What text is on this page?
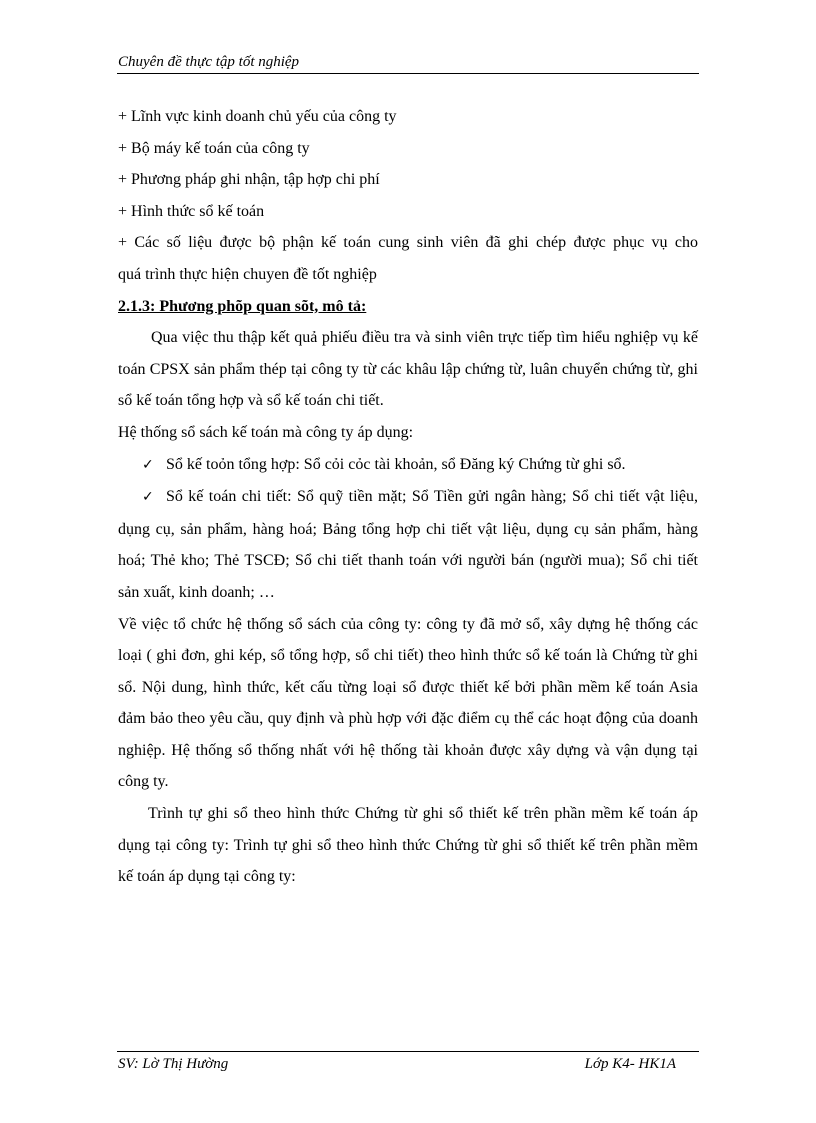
Chuyên đề thực tập tốt nghiệp
+ Lĩnh vực kinh doanh chủ yếu của công ty
+ Bộ máy kế toán của công ty
+ Phương pháp ghi nhận, tập hợp chi phí
+ Hình thức sổ kế toán
+ Các số liệu được bộ phận kế toán cung sinh viên đã ghi chép được phục vụ cho
quá trình thực hiện chuyen đề tốt nghiệp
2.1.3: Phương phõp quan sõt, mô tả:
Qua việc thu thập kết quả phiếu điều tra và sinh viên trực tiếp tìm hiểu nghiệp vụ kế toán CPSX sản phẩm thép tại công ty từ các khâu lập chứng từ, luân chuyển chứng từ, ghi sổ kế toán tổng hợp và sổ kế toán chi tiết.
Hệ thống sổ sách kế toán mà công ty áp dụng:
✓ Sổ kế toỏn tổng hợp: Sổ cỏi cỏc tài khoản, sổ Đăng ký Chứng từ ghi sổ.
✓ Sổ kế toán chi tiết: Sổ quỹ tiền mặt; Sổ Tiền gửi ngân hàng; Sổ chi tiết vật liệu, dụng cụ, sản phẩm, hàng hoá; Bảng tổng hợp chi tiết vật liệu, dụng cụ sản phẩm, hàng hoá; Thẻ kho; Thẻ TSCĐ; Sổ chi tiết thanh toán với người bán (người mua); Sổ chi tiết sản xuất, kinh doanh; …
Về việc tổ chức hệ thống sổ sách của công ty: công ty đã mở sổ, xây dựng hệ thống các loại ( ghi đơn, ghi kép, sổ tổng hợp, sổ chi tiết) theo hình thức sổ kế toán là Chứng từ ghi sổ. Nội dung, hình thức, kết cấu từng loại sổ được thiết kế bởi phần mềm kế toán Asia đảm bảo theo yêu cầu, quy định và phù hợp với đặc điểm cụ thể các hoạt động của doanh nghiệp. Hệ thống sổ thống nhất với hệ thống tài khoản được xây dựng và vận dụng tại công ty.
Trình tự ghi sổ theo hình thức Chứng từ ghi sổ thiết kế trên phần mềm kế toán áp dụng tại công ty: Trình tự ghi sổ theo hình thức Chứng từ ghi sổ thiết kế trên phần mềm kế toán áp dụng tại công ty:
SV: Lờ Thị Hường	Lớp K4- HK1A
